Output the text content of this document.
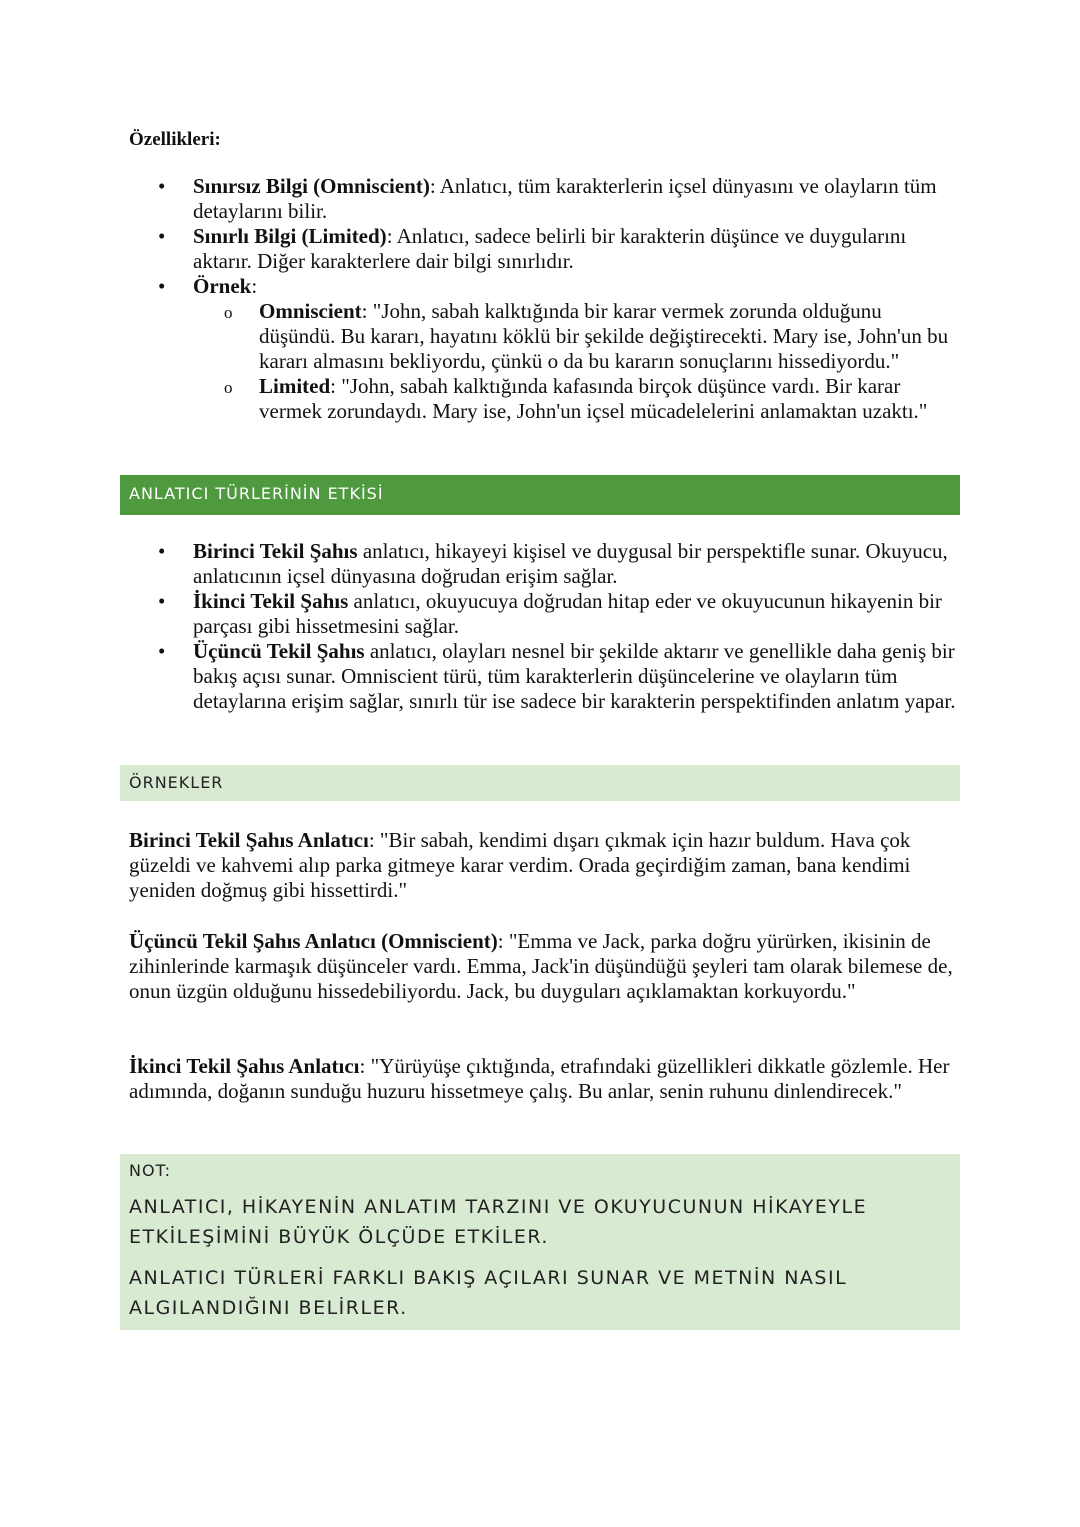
Özellikleri:
• Sınırsız Bilgi (Omniscient): Anlatıcı, tüm karakterlerin içsel dünyasını ve olayların tüm detaylarını bilir.
• Sınırlı Bilgi (Limited): Anlatıcı, sadece belirli bir karakterin düşünce ve duygularını aktarır. Diğer karakterlere dair bilgi sınırlıdır.
• Örnek:
o Omniscient: "John, sabah kalktığında bir karar vermek zorunda olduğunu düşündü. Bu kararı, hayatını köklü bir şekilde değiştirecekti. Mary ise, John'un bu kararı almasını bekliyordu, çünkü o da bu kararın sonuçlarını hissediyordu."
o Limited: "John, sabah kalktığında kafasında birçok düşünce vardı. Bir karar vermek zorundaydı. Mary ise, John'un içsel mücadelelerini anlamaktan uzaktı."
ANLATICI TÜRLERİNİN ETKİSİ
• Birinci Tekil Şahıs anlatıcı, hikayeyi kişisel ve duygusal bir perspektifle sunar. Okuyucu, anlatıcının içsel dünyasına doğrudan erişim sağlar.
• İkinci Tekil Şahıs anlatıcı, okuyucuya doğrudan hitap eder ve okuyucunun hikayenin bir parçası gibi hissetmesini sağlar.
• Üçüncü Tekil Şahıs anlatıcı, olayları nesnel bir şekilde aktarır ve genellikle daha geniş bir bakış açısı sunar. Omniscient türü, tüm karakterlerin düşüncelerine ve olayların tüm detaylarına erişim sağlar, sınırlı tür ise sadece bir karakterin perspektifinden anlatım yapar.
ÖRNEKLER

Birinci Tekil Şahıs Anlatıcı: "Bir sabah, kendimi dışarı çıkmak için hazır buldum. Hava çok güzeldi ve kahvemi alıp parka gitmeye karar verdim. Orada geçirdiğim zaman, bana kendimi yeniden doğmuş gibi hissettirdi."

Üçüncü Tekil Şahıs Anlatıcı (Omniscient): "Emma ve Jack, parka doğru yürürken, ikisinin de zihinlerinde karmaşık düşünceler vardı. Emma, Jack'in düşündüğü şeyleri tam olarak bilemese de, onun üzgün olduğunu hissedebiliyordu. Jack, bu duyguları açıklamaktan korkuyordu."

İkinci Tekil Şahıs Anlatıcı: "Yürüyüşe çıktığında, etrafındaki güzellikleri dikkatle gözlemle. Her adımında, doğanın sunduğu huzuru hissetmeye çalış. Bu anlar, senin ruhunu dinlendirecek."

NOT:

ANLATICI, HİKAYENİN ANLATIM TARZINI VE OKUYUCUNUN HİKAYEYLE ETKİLEŞİMİNİ BÜYÜK ÖLÇÜDE ETKİLER.

ANLATICI TÜRLERİ FARKLI BAKIŞ AÇILARI SUNAR VE METNİN NASIL ALGILANDIĞINI BELİRLER.
